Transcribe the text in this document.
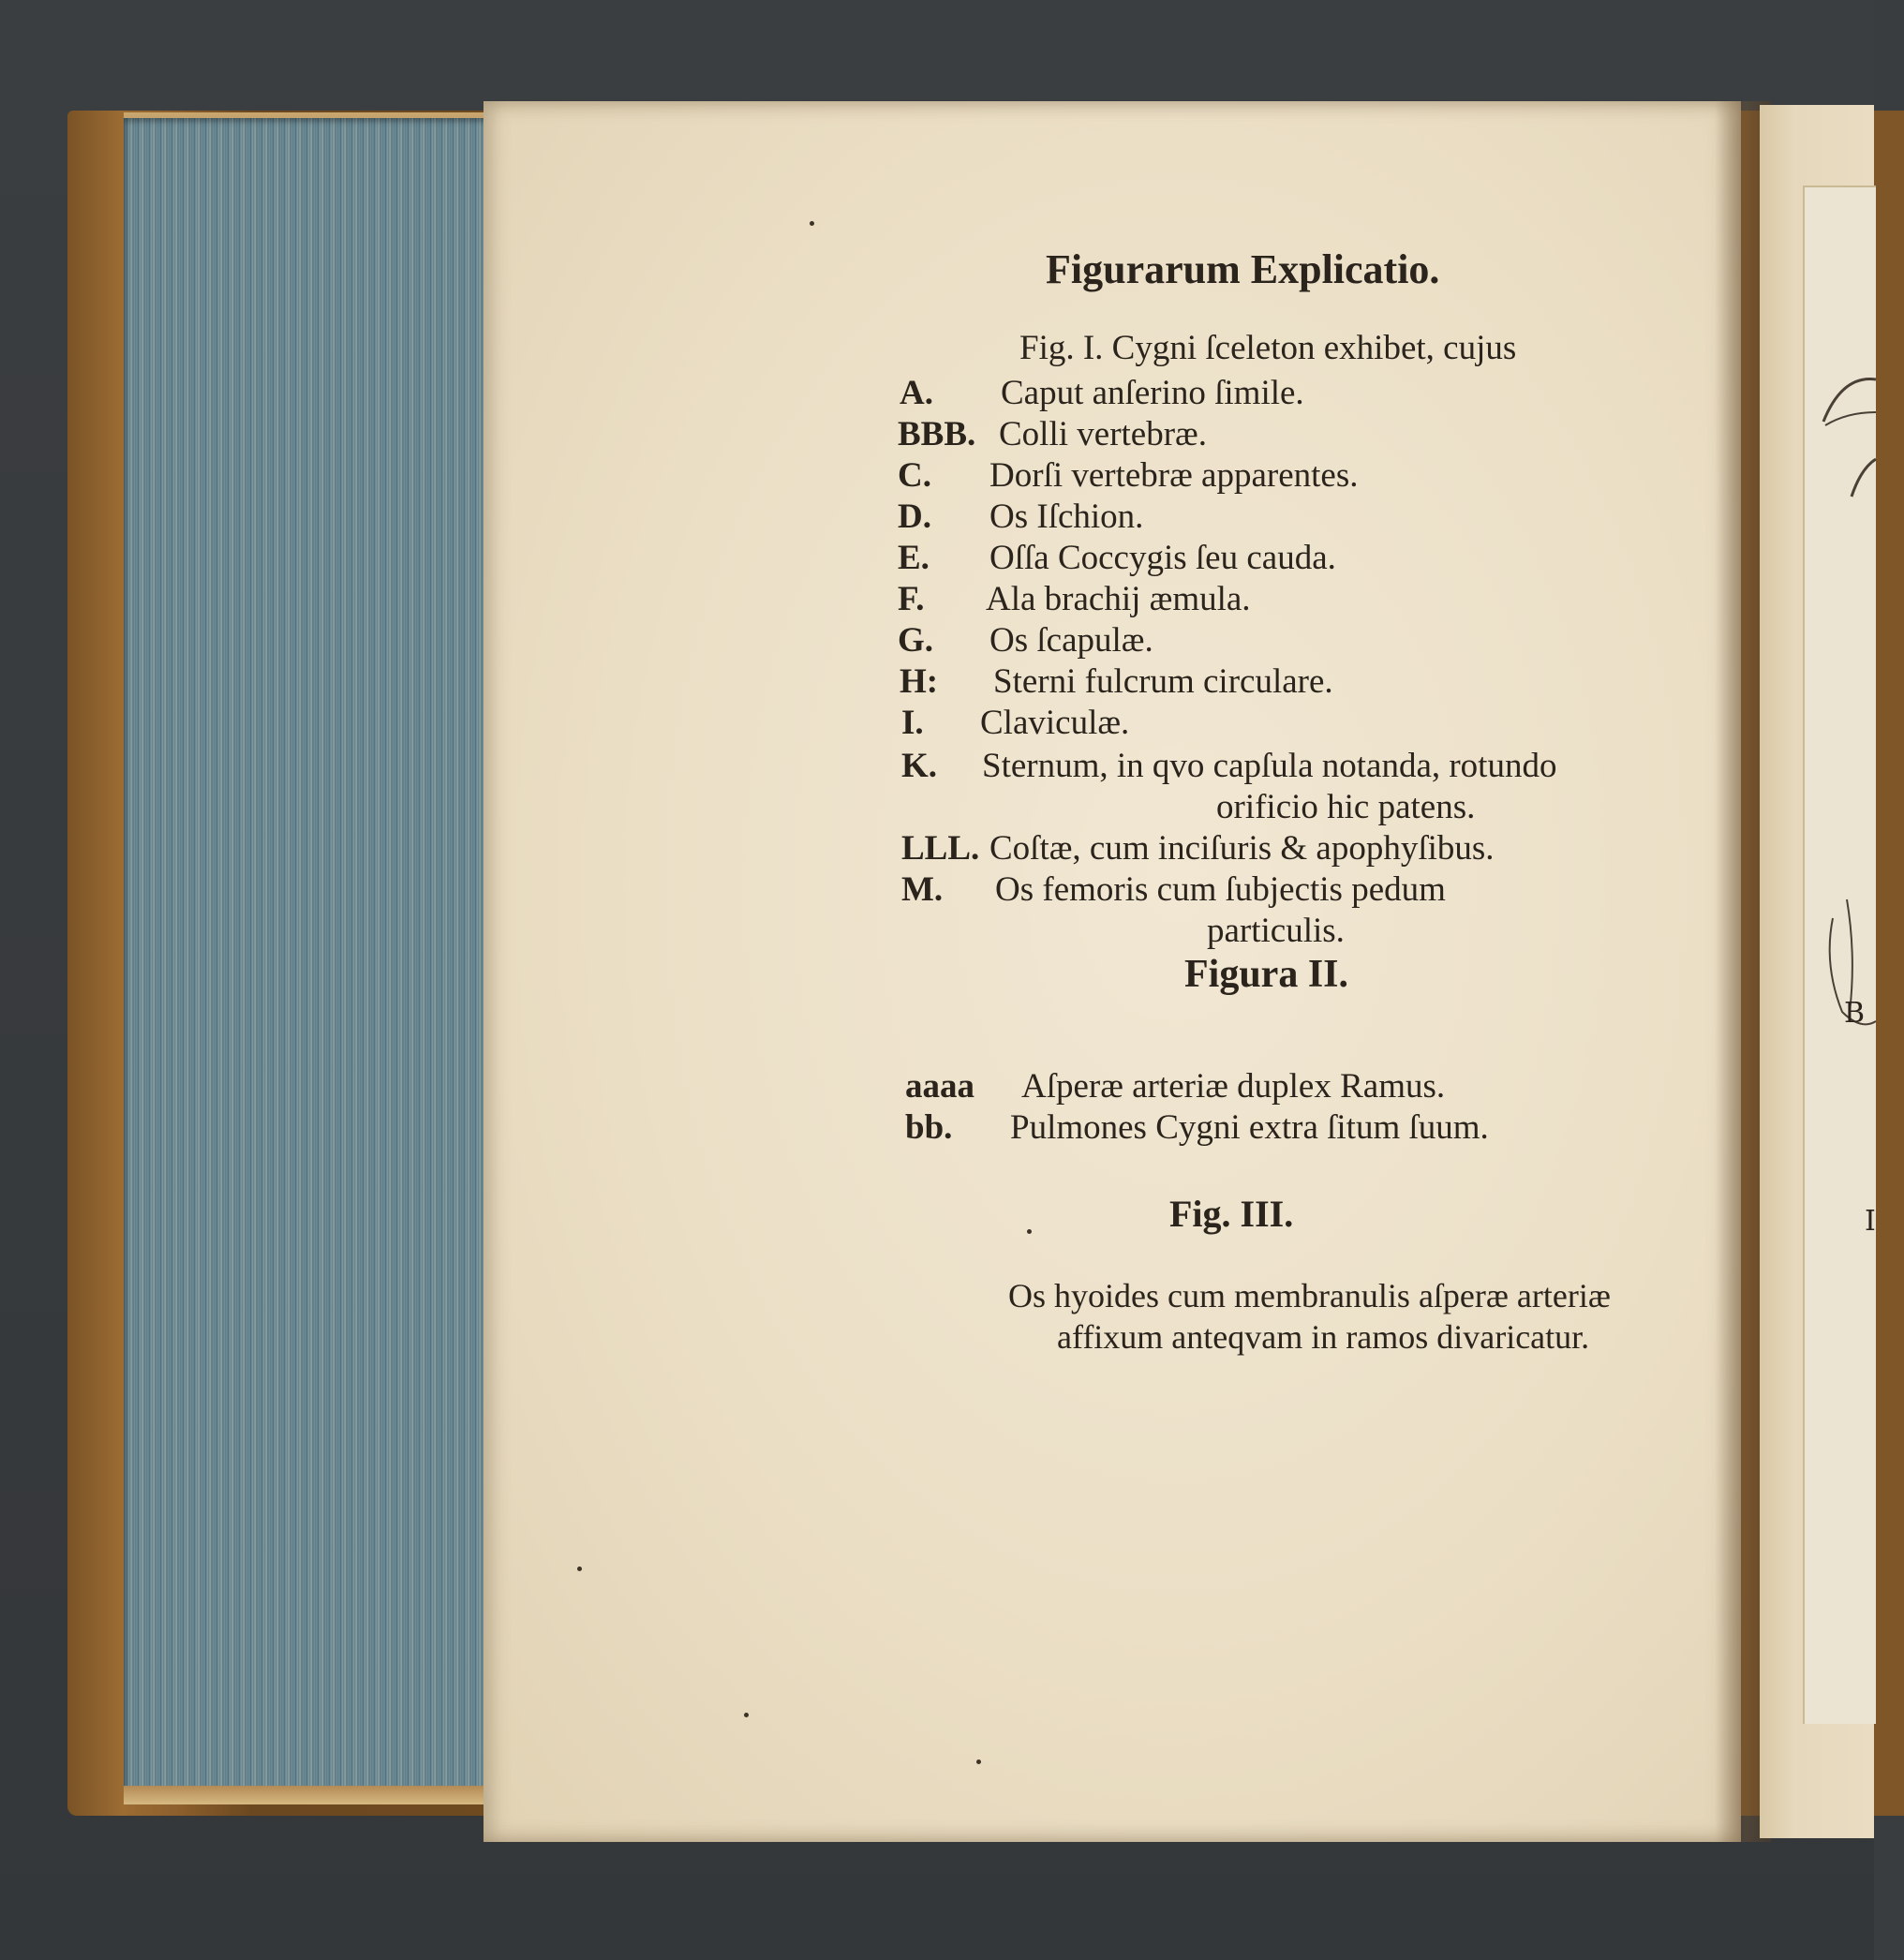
B
I
Figurarum Explicatio.
Fig. I. Cygni ſceleton exhibet, cujus
A. Caput anſerino ſimile.
BBB. Colli vertebræ.
C. Dorſi vertebræ apparentes.
D. Os Iſchion.
E. Oſſa Coccygis ſeu cauda.
F. Ala brachij æmula.
G. Os ſcapulæ.
H: Sterni fulcrum circulare.
I. Claviculæ.
K. Sternum, in qvo capſula notanda, rotundo
orificio hic patens.
LLL. Coſtæ, cum inciſuris & apophyſibus.
M. Os femoris cum ſubjectis pedum
particulis.
Figura II.
aaaa Aſperæ arteriæ duplex Ramus.
bb. Pulmones Cygni extra ſitum ſuum.
Fig. III.
Os hyoides cum membranulis aſperæ arteriæ
affixum anteqvam in ramos divaricatur.
